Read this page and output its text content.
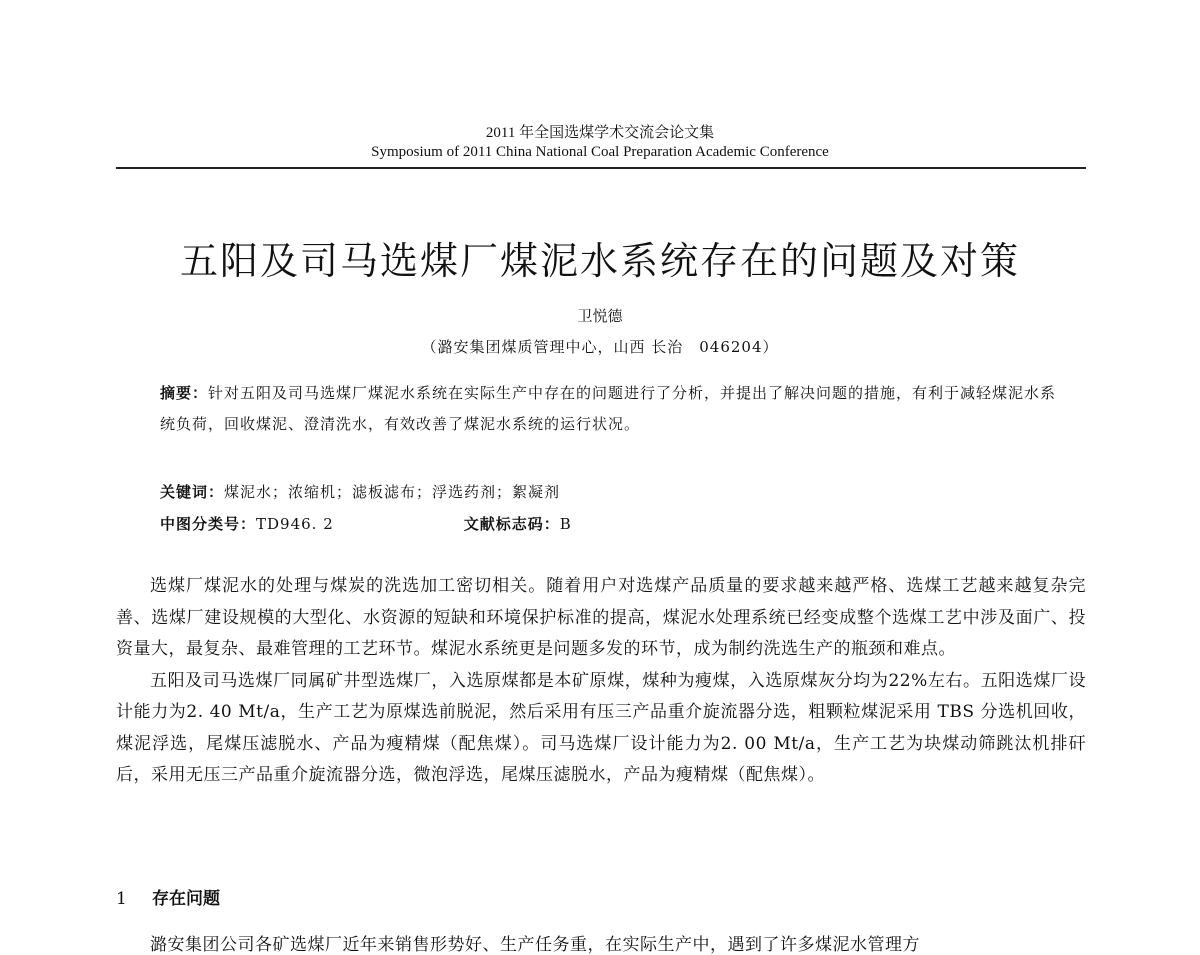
2011 年全国选煤学术交流会论文集
Symposium of 2011 China National Coal Preparation Academic Conference
五阳及司马选煤厂煤泥水系统存在的问题及对策
卫悦德
（潞安集团煤质管理中心，山西 长治　046204）
摘要：针对五阳及司马选煤厂煤泥水系统在实际生产中存在的问题进行了分析，并提出了解决问题的措施，有利于减轻煤泥水系统负荷，回收煤泥、澄清洗水，有效改善了煤泥水系统的运行状况。
关键词：煤泥水；浓缩机；滤板滤布；浮选药剂；絮凝剂
中图分类号：TD946. 2	文献标志码：B

选煤厂煤泥水的处理与煤炭的洗选加工密切相关。随着用户对选煤产品质量的要求越来越严格、选煤工艺越来越复杂完善、选煤厂建设规模的大型化、水资源的短缺和环境保护标准的提高，煤泥水处理系统已经变成整个选煤工艺中涉及面广、投资量大，最复杂、最难管理的工艺环节。煤泥水系统更是问题多发的环节，成为制约洗选生产的瓶颈和难点。

五阳及司马选煤厂同属矿井型选煤厂，入选原煤都是本矿原煤，煤种为瘦煤，入选原煤灰分均为22%左右。五阳选煤厂设计能力为2. 40 Mt/a，生产工艺为原煤选前脱泥，然后采用有压三产品重介旋流器分选，粗颗粒煤泥采用 TBS 分选机回收，煤泥浮选，尾煤压滤脱水、产品为瘦精煤（配焦煤）。司马选煤厂设计能力为2. 00 Mt/a，生产工艺为块煤动筛跳汰机排矸后，采用无压三产品重介旋流器分选，微泡浮选，尾煤压滤脱水，产品为瘦精煤（配焦煤）。

1 存在问题
潞安集团公司各矿选煤厂近年来销售形势好、生产任务重，在实际生产中，遇到了许多煤泥水管理方
